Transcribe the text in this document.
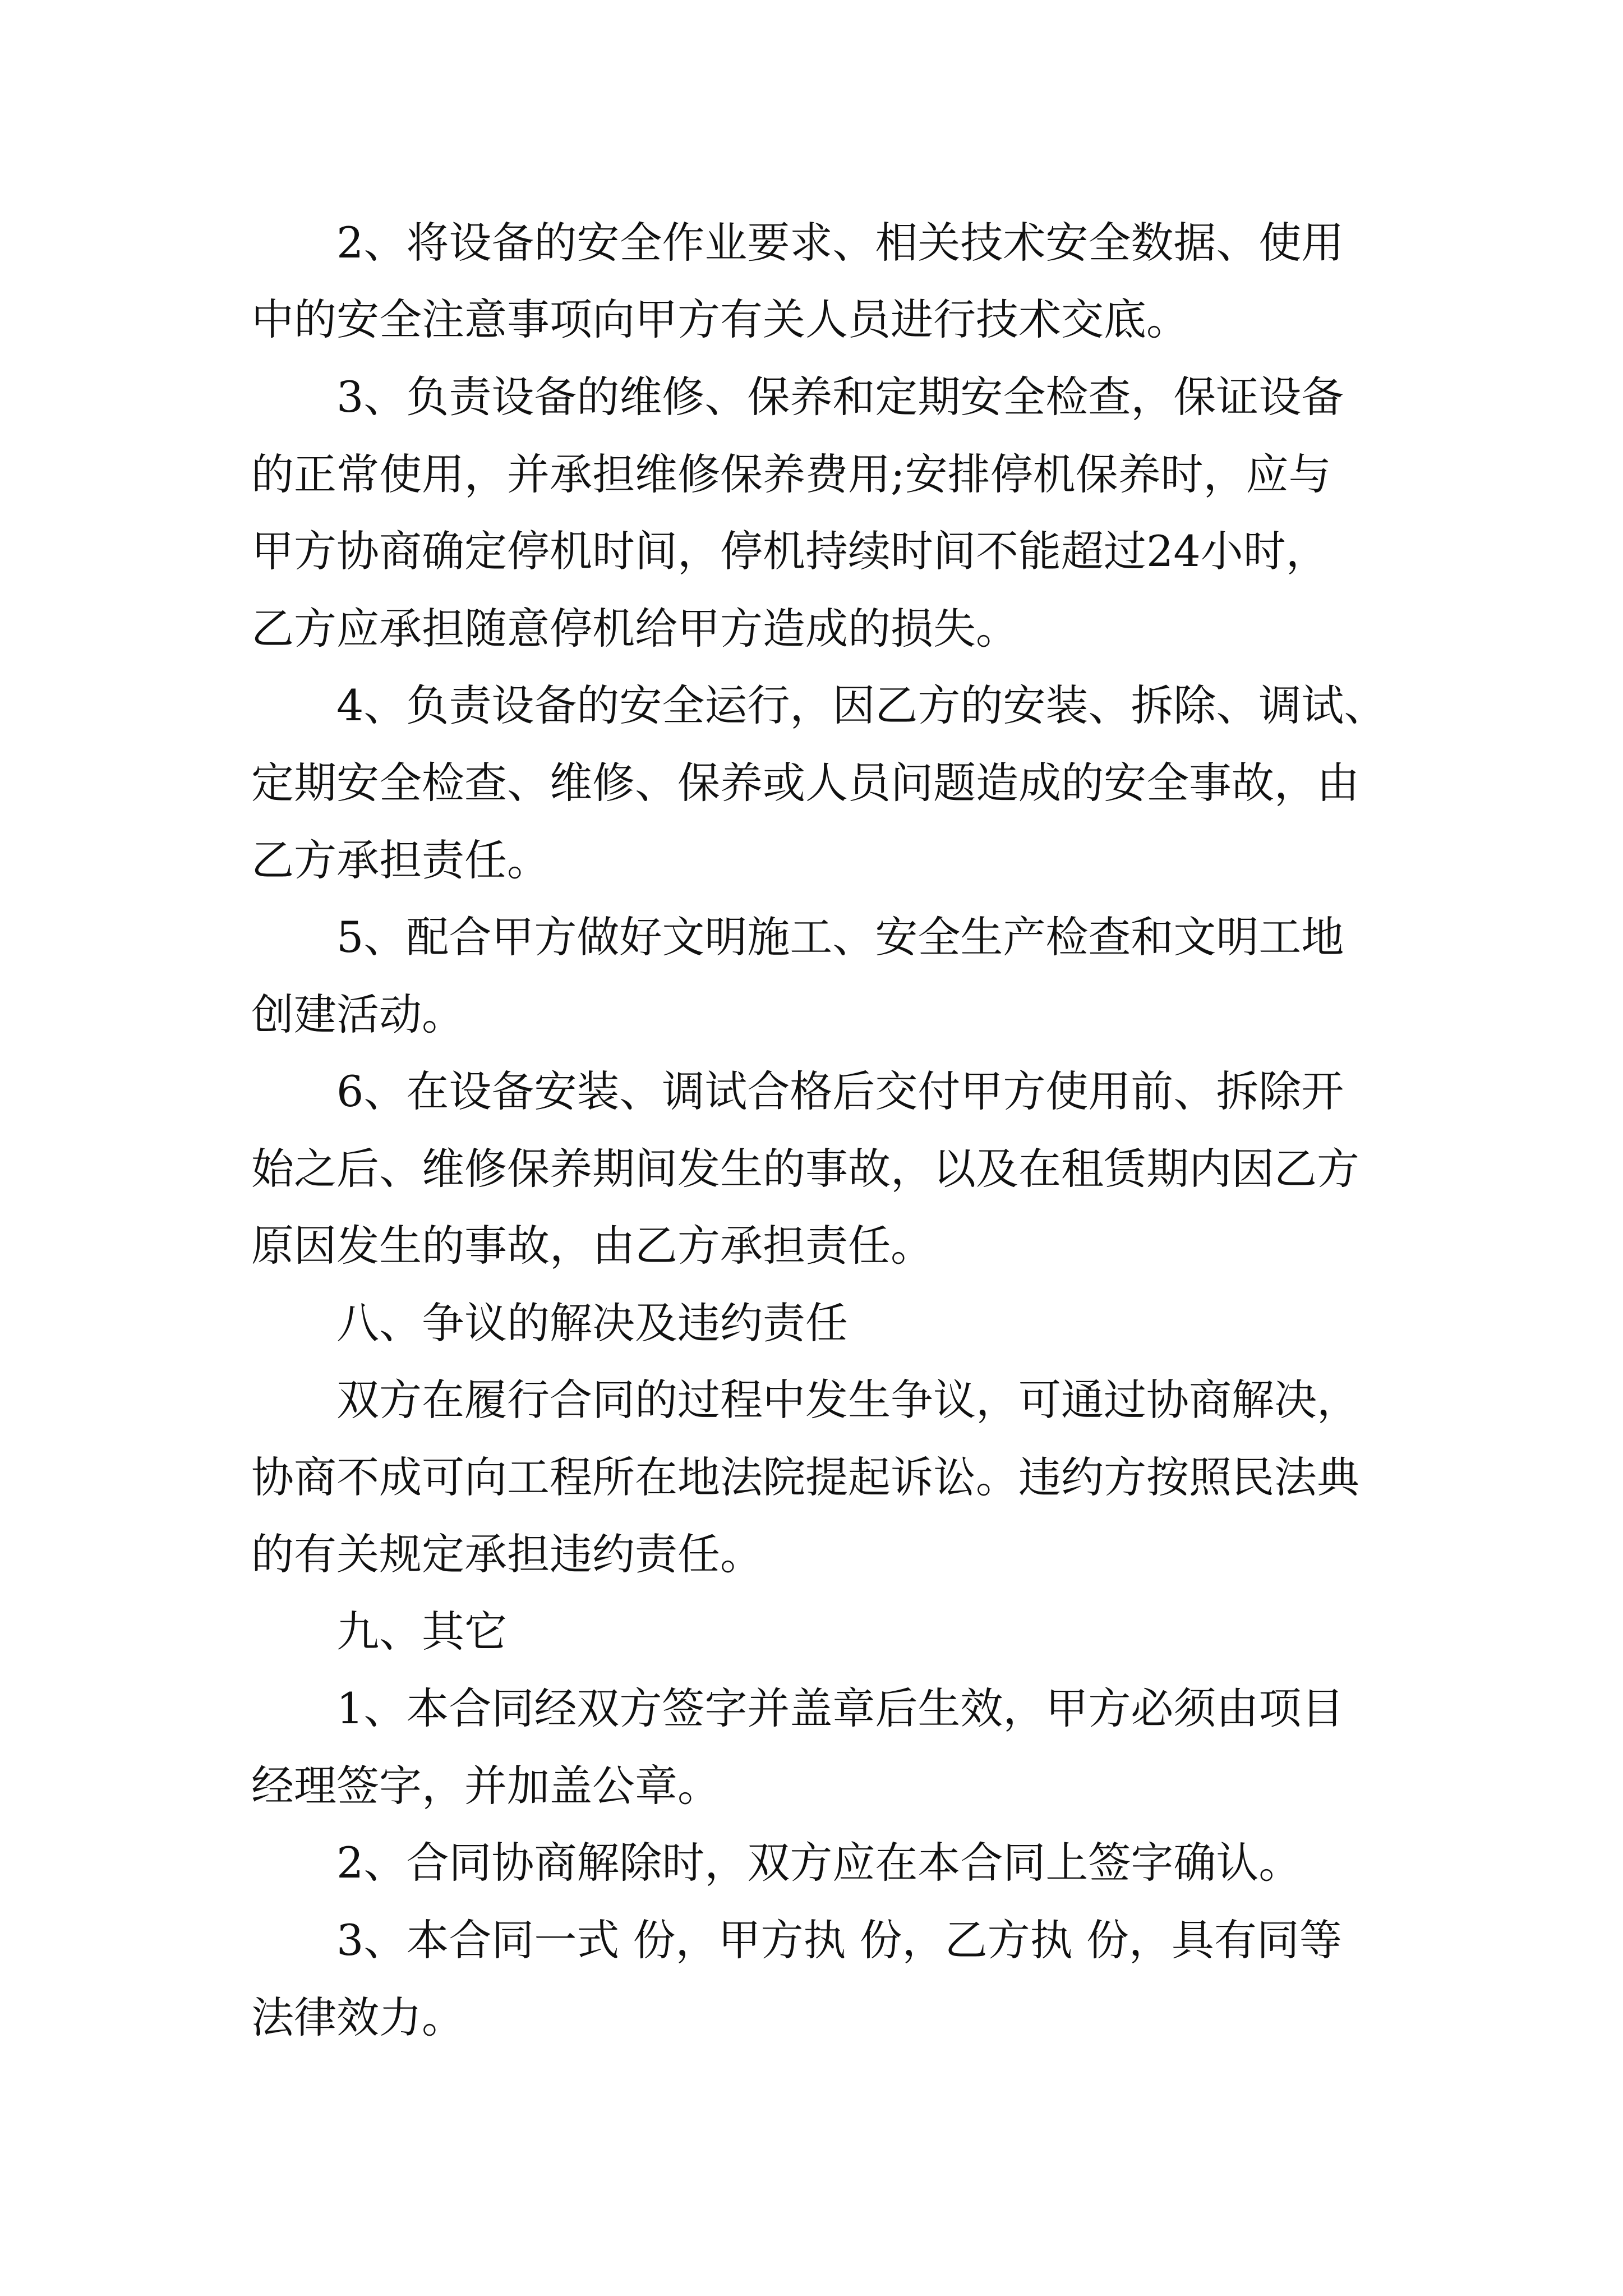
2、将设备的安全作业要求、相关技术安全数据、使用
中的安全注意事项向甲方有关人员进行技术交底。
3、负责设备的维修、保养和定期安全检查，保证设备
的正常使用，并承担维修保养费用;安排停机保养时，应与
甲方协商确定停机时间，停机持续时间不能超过24小时，
乙方应承担随意停机给甲方造成的损失。
4、负责设备的安全运行，因乙方的安装、拆除、调试、
定期安全检查、维修、保养或人员问题造成的安全事故，由
乙方承担责任。
5、配合甲方做好文明施工、安全生产检查和文明工地
创建活动。
6、在设备安装、调试合格后交付甲方使用前、拆除开
始之后、维修保养期间发生的事故，以及在租赁期内因乙方
原因发生的事故，由乙方承担责任。
八、争议的解决及违约责任
双方在履行合同的过程中发生争议，可通过协商解决，
协商不成可向工程所在地法院提起诉讼。违约方按照民法典
的有关规定承担违约责任。
九、其它
1、本合同经双方签字并盖章后生效，甲方必须由项目
经理签字，并加盖公章。
2、合同协商解除时，双方应在本合同上签字确认。
3、本合同一式 份，甲方执 份，乙方执 份，具有同等
法律效力。
